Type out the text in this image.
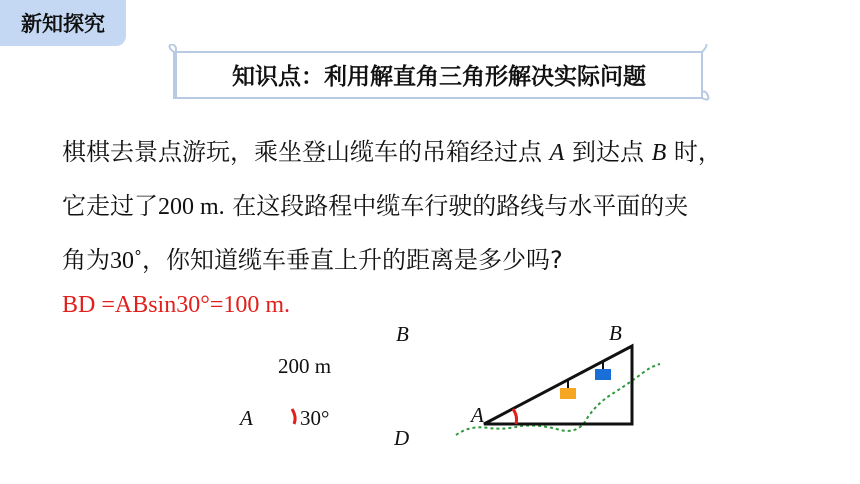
新知探究
知识点：利用解直角三角形解决实际问题
棋棋去景点游玩，乘坐登山缆车的吊箱经过点 A 到达点 B 时，
它走过了200 m. 在这段路程中缆车行驶的路线与水平面的夹
角为30˚，你知道缆车垂直上升的距离是多少吗?
BD =ABsin30°=100 m.
B
200 m
A 30°
D
B
A
